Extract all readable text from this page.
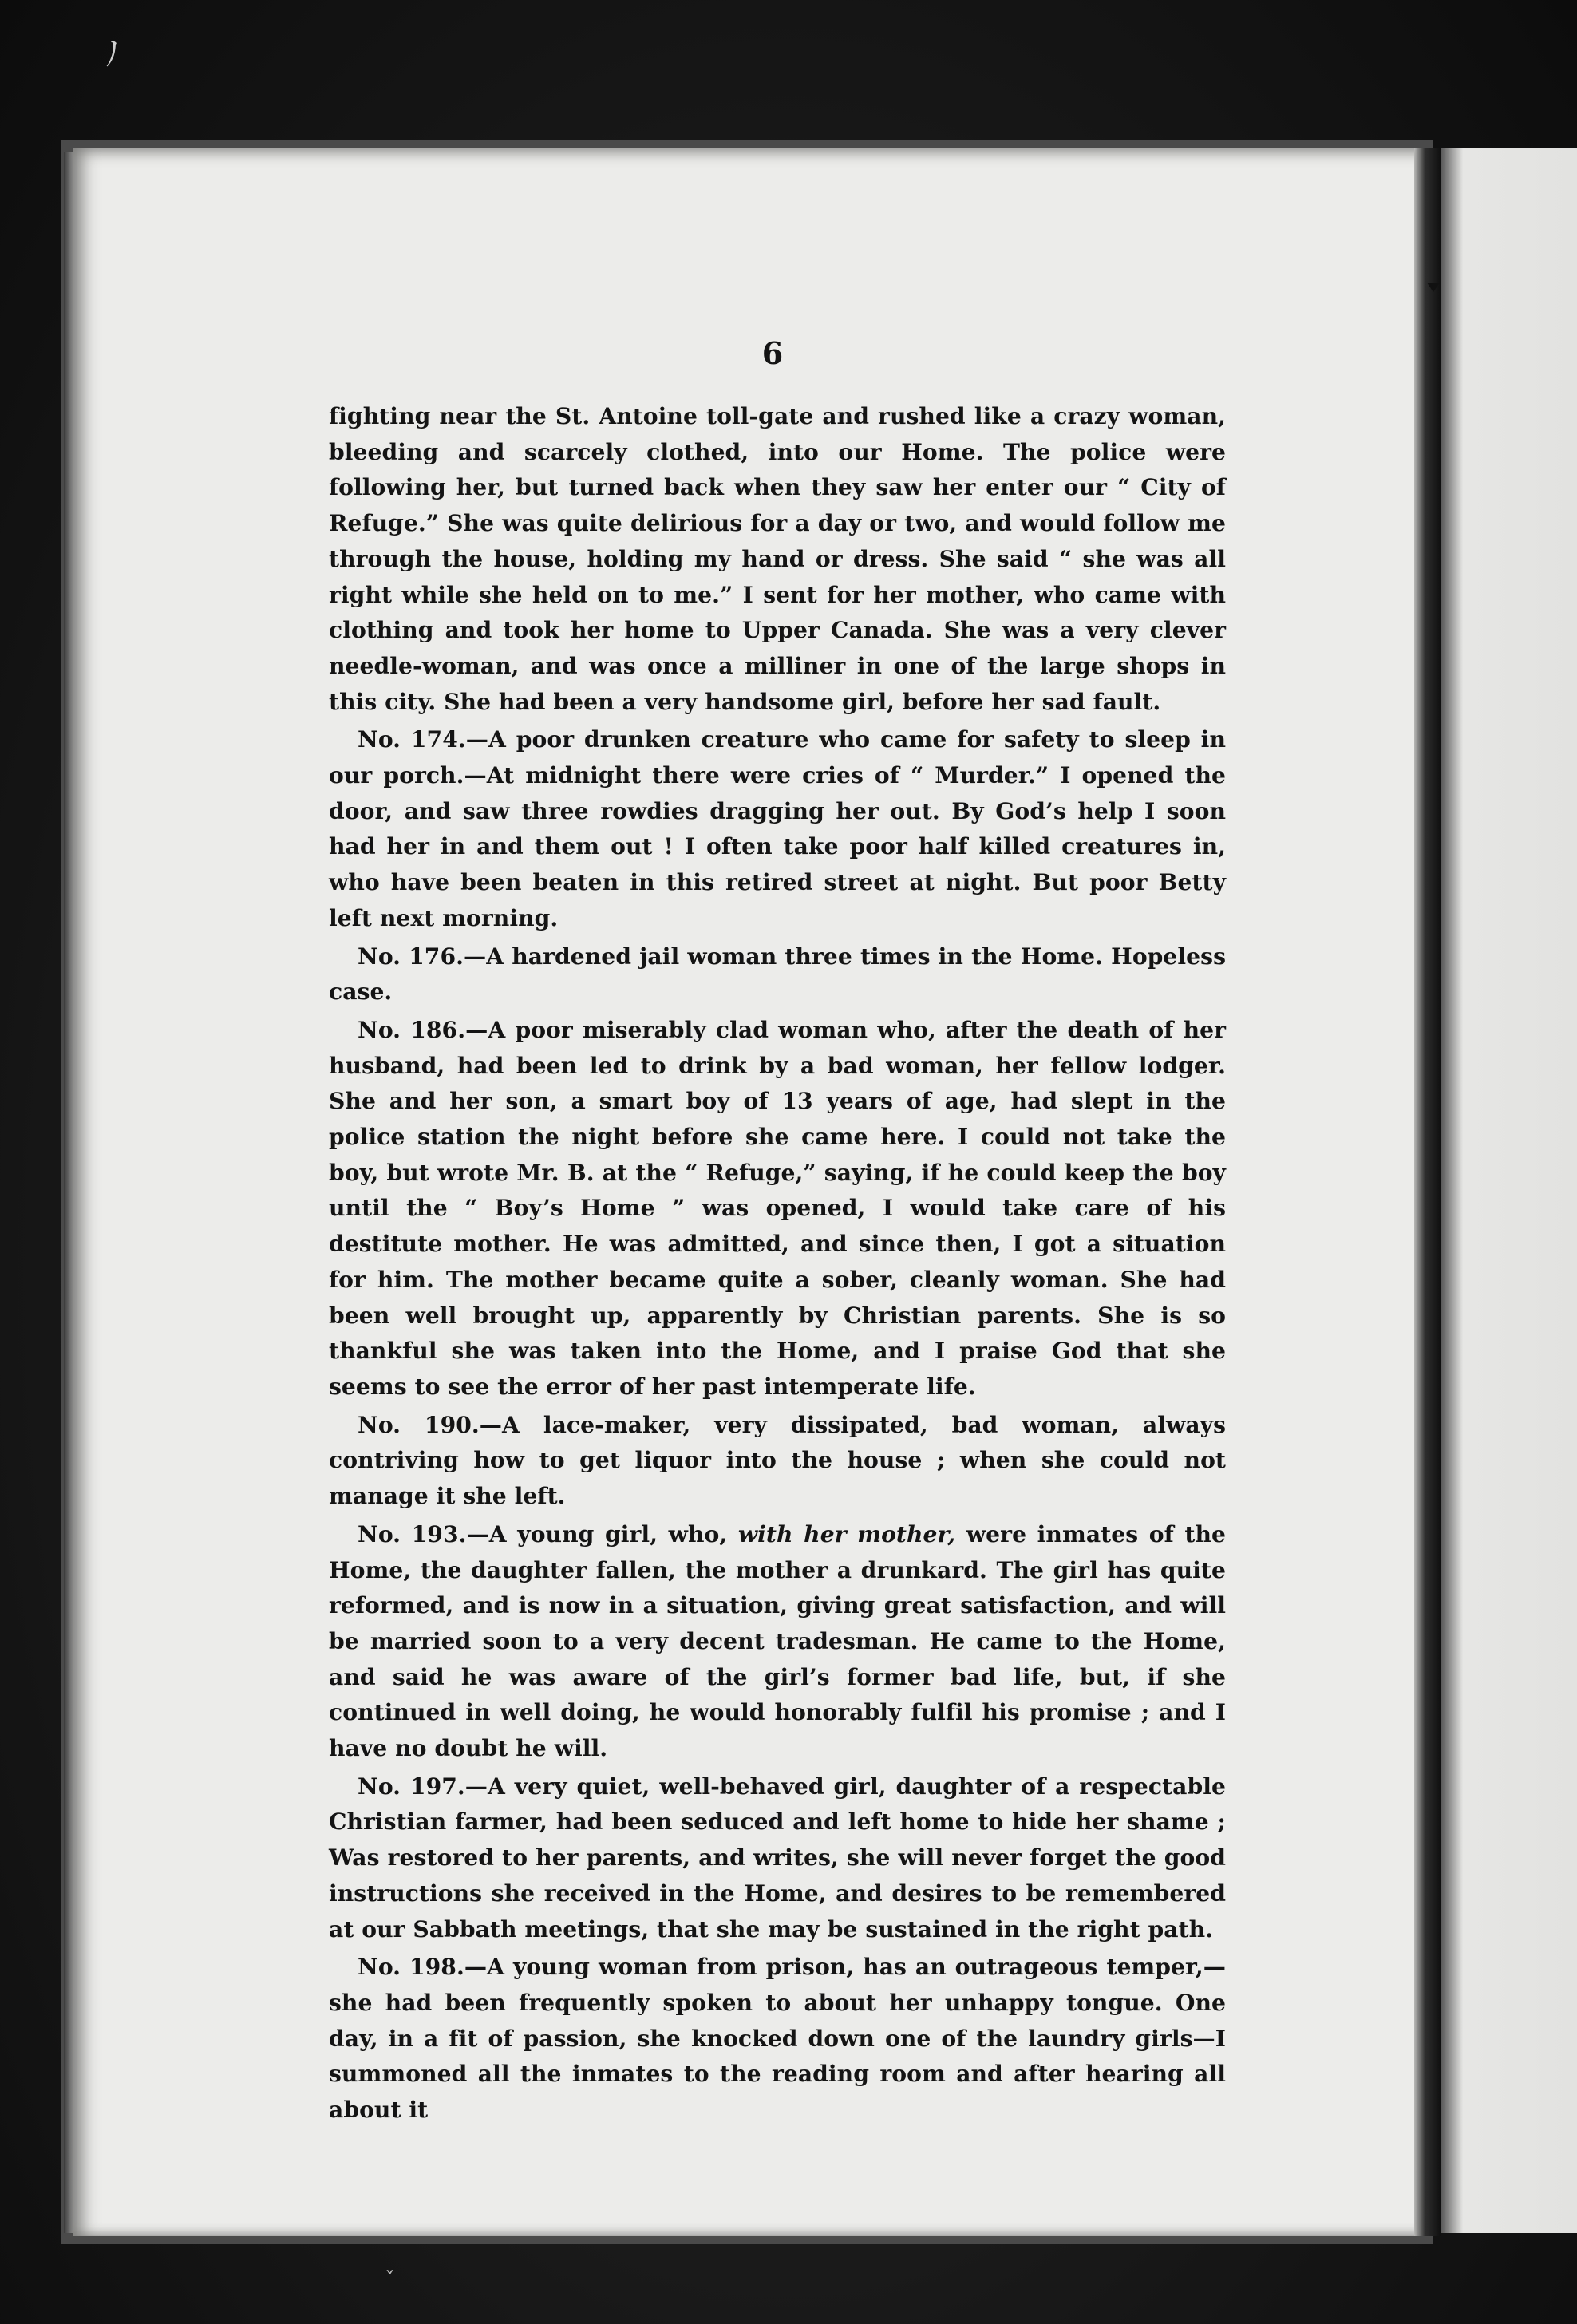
ﾉ
ˇ
6

fighting near the St. Antoine toll-gate and rushed like a crazy woman, bleeding and scarcely clothed, into our Home. The police were following her, but turned back when they saw her enter our “ City of Refuge.” She was quite delirious for a day or two, and would follow me through the house, holding my hand or dress. She said “ she was all right while she held on to me.” I sent for her mother, who came with clothing and took her home to Upper Canada. She was a very clever needle-woman, and was once a milliner in one of the large shops in this city. She had been a very handsome girl, before her sad fault.

No. 174.—A poor drunken creature who came for safety to sleep in our porch.—At midnight there were cries of “ Murder.” I opened the door, and saw three rowdies dragging her out. By God’s help I soon had her in and them out ! I often take poor half killed creatures in, who have been beaten in this retired street at night. But poor Betty left next morning.

No. 176.—A hardened jail woman three times in the Home. Hopeless case.

No. 186.—A poor miserably clad woman who, after the death of her husband, had been led to drink by a bad woman, her fellow lodger. She and her son, a smart boy of 13 years of age, had slept in the police station the night before she came here. I could not take the boy, but wrote Mr. B. at the “ Refuge,” saying, if he could keep the boy until the “ Boy’s Home ” was opened, I would take care of his destitute mother. He was admitted, and since then, I got a situation for him. The mother became quite a sober, cleanly woman. She had been well brought up, apparently by Christian parents. She is so thankful she was taken into the Home, and I praise God that she seems to see the error of her past intemperate life.

No. 190.—A lace-maker, very dissipated, bad woman, always contriving how to get liquor into the house ; when she could not manage it she left.

No. 193.—A young girl, who, with her mother, were inmates of the Home, the daughter fallen, the mother a drunkard. The girl has quite reformed, and is now in a situation, giving great satisfaction, and will be married soon to a very decent tradesman. He came to the Home, and said he was aware of the girl’s former bad life, but, if she continued in well doing, he would honorably fulfil his promise ; and I have no doubt he will.

No. 197.—A very quiet, well-behaved girl, daughter of a respectable Christian farmer, had been seduced and left home to hide her shame ; Was restored to her parents, and writes, she will never forget the good instructions she received in the Home, and desires to be remembered at our Sabbath meetings, that she may be sustained in the right path.

No. 198.—A young woman from prison, has an outrageous temper,— she had been frequently spoken to about her unhappy tongue. One day, in a fit of passion, she knocked down one of the laundry girls—I summoned all the inmates to the reading room and after hearing all about it
